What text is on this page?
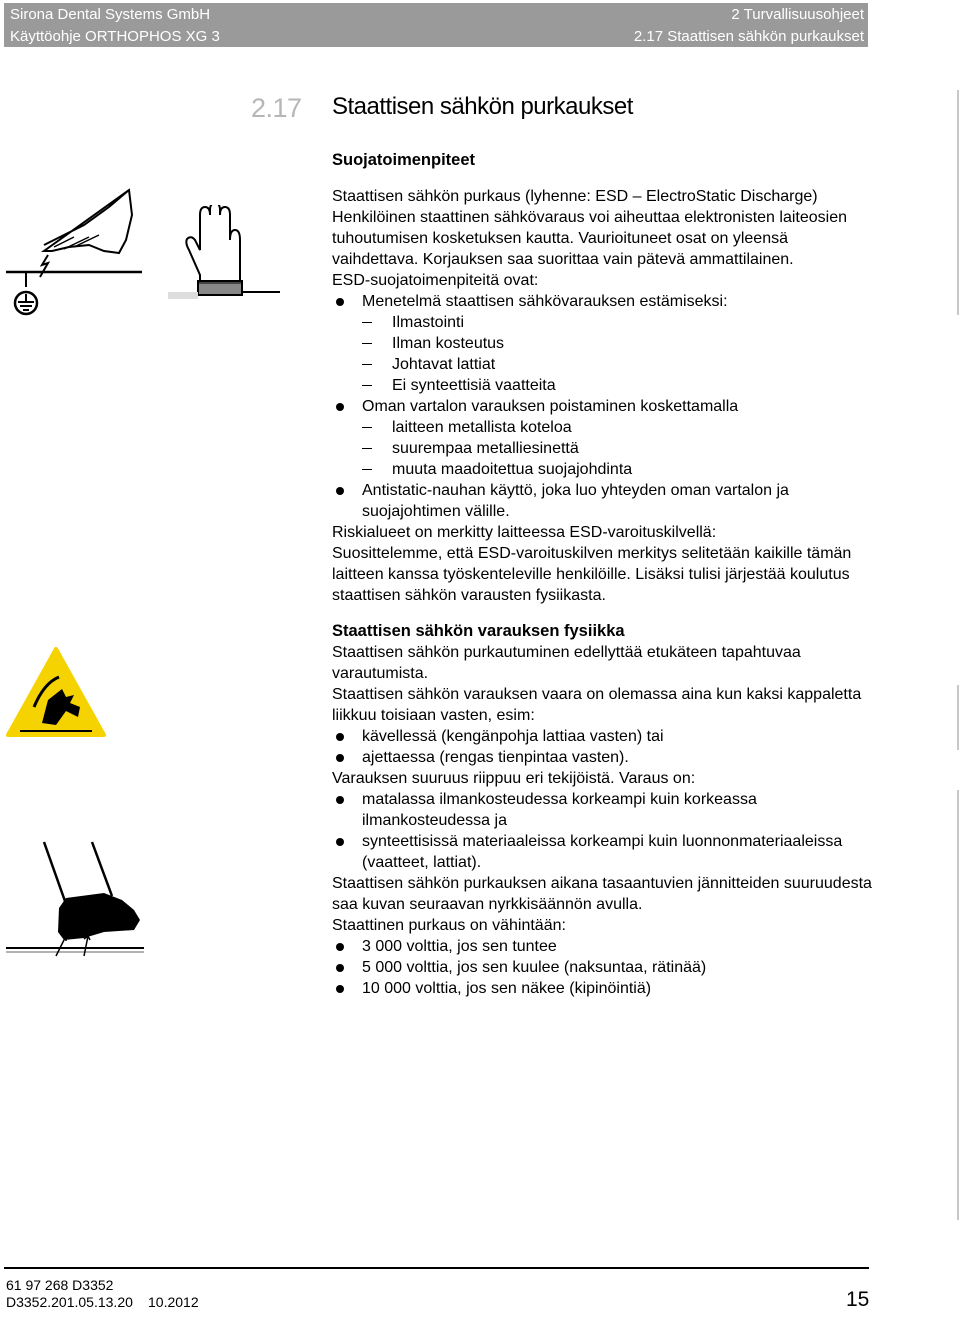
Sirona Dental Systems GmbH
Käyttöohje ORTHOPHOS XG 3
2 Turvallisuusohjeet
2.17 Staattisen sähkön purkaukset
2.17 Staattisen sähkön purkaukset

Suojatoimenpiteet

Staattisen sähkön purkaus (lyhenne: ESD – ElectroStatic Discharge)

Henkilöinen staattinen sähkövaraus voi aiheuttaa elektronisten laiteosien tuhoutumisen kosketuksen kautta. Vaurioituneet osat on yleensä vaihdettava. Korjauksen saa suorittaa vain pätevä ammattilainen.

ESD-suojatoimenpiteitä ovat:

Menetelmä staattisen sähkövarauksen estämiseksi:

Ilmastointi

Ilman kosteutus

Johtavat lattiat

Ei synteettisiä vaatteita

Oman vartalon varauksen poistaminen koskettamalla

laitteen metallista koteloa

suurempaa metalliesinettä

muuta maadoitettua suojajohdinta

Antistatic-nauhan käyttö, joka luo yhteyden oman vartalon ja suojajohtimen välille.

Riskialueet on merkitty laitteessa ESD-varoituskilvellä:

Suosittelemme, että ESD-varoituskilven merkitys selitetään kaikille tämän laitteen kanssa työskenteleville henkilöille. Lisäksi tulisi järjestää koulutus staattisen sähkön varausten fysiikasta.

Staattisen sähkön varauksen fysiikka

Staattisen sähkön purkautuminen edellyttää etukäteen tapahtuvaa varautumista.

Staattisen sähkön varauksen vaara on olemassa aina kun kaksi kappaletta liikkuu toisiaan vasten, esim:

kävellessä (kengänpohja lattiaa vasten) tai

ajettaessa (rengas tienpintaa vasten).

Varauksen suuruus riippuu eri tekijöistä. Varaus on:

matalassa ilmankosteudessa korkeampi kuin korkeassa ilmankosteudessa ja

synteettisissä materiaaleissa korkeampi kuin luonnonmateriaaleissa (vaatteet, lattiat).

Staattisen sähkön purkauksen aikana tasaantuvien jännitteiden suuruudesta saa kuvan seuraavan nyrkkisäännön avulla.

Staattinen purkaus on vähintään:

3 000 volttia, jos sen tuntee

5 000 volttia, jos sen kuulee (naksuntaa, rätinää)

10 000 volttia, jos sen näkee (kipinöintiä)

61 97 268 D3352
D3352.201.05.13.20 10.2012	15
